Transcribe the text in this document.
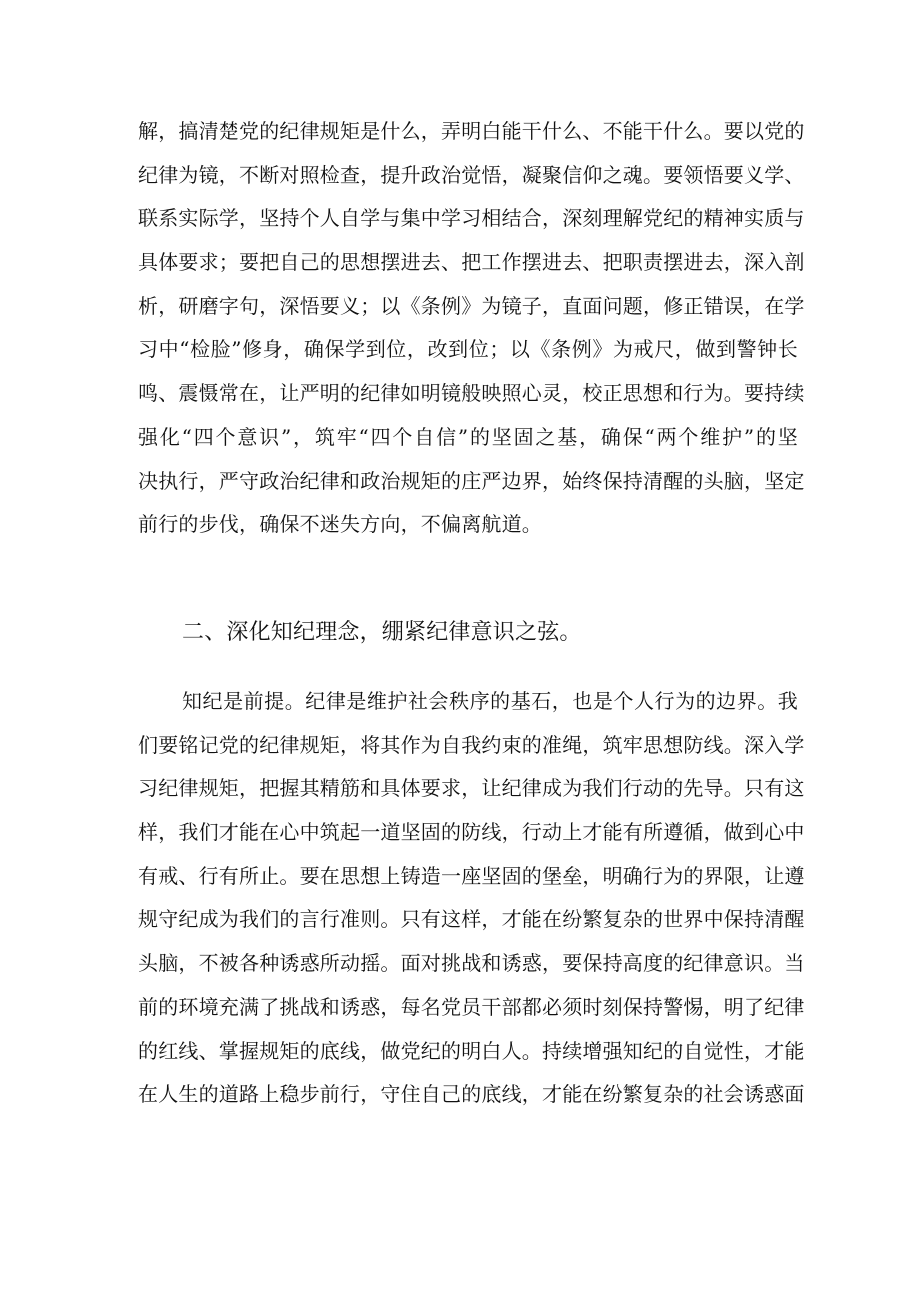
解，搞清楚党的纪律规矩是什么，弄明白能干什么、不能干什么。要以党的
纪律为镜，不断对照检查，提升政治觉悟，凝聚信仰之魂。要领悟要义学、
联系实际学，坚持个人自学与集中学习相结合，深刻理解党纪的精神实质与
具体要求；要把自己的思想摆进去、把工作摆进去、把职责摆进去，深入剖
析，研磨字句，深悟要义；以《条例》为镜子，直面问题，修正错误，在学
习中“检脸”修身，确保学到位，改到位；以《条例》为戒尺，做到警钟长
鸣、震慑常在，让严明的纪律如明镜般映照心灵，校正思想和行为。要持续
强化“四个意识”，筑牢“四个自信”的坚固之基，确保“两个维护”的坚
决执行，严守政治纪律和政治规矩的庄严边界，始终保持清醒的头脑，坚定
前行的步伐，确保不迷失方向，不偏离航道。

二、深化知纪理念，绷紧纪律意识之弦。

知纪是前提。纪律是维护社会秩序的基石，也是个人行为的边界。我
们要铭记党的纪律规矩，将其作为自我约束的准绳，筑牢思想防线。深入学
习纪律规矩，把握其精筋和具体要求，让纪律成为我们行动的先导。只有这
样，我们才能在心中筑起一道坚固的防线，行动上才能有所遵循，做到心中
有戒、行有所止。要在思想上铸造一座坚固的堡垒，明确行为的界限，让遵
规守纪成为我们的言行准则。只有这样，才能在纷繁复杂的世界中保持清醒
头脑，不被各种诱惑所动摇。面对挑战和诱惑，要保持高度的纪律意识。当
前的环境充满了挑战和诱惑，每名党员干部都必须时刻保持警惕，明了纪律
的红线、掌握规矩的底线，做党纪的明白人。持续增强知纪的自觉性，才能
在人生的道路上稳步前行，守住自己的底线，才能在纷繁复杂的社会诱惑面
